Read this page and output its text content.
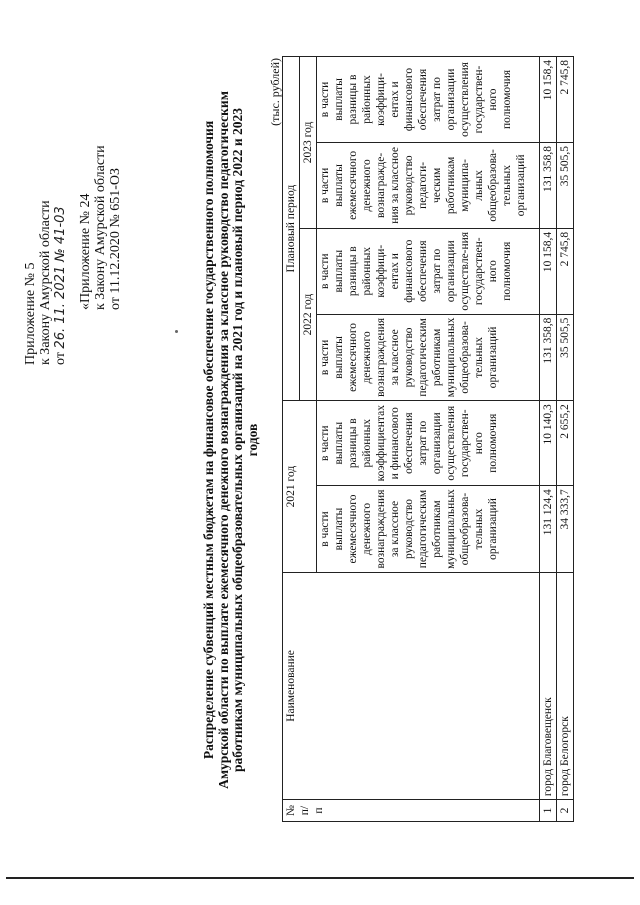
Приложение № 5 к Закону Амурской области от 26. 11. 2021 № 41-03 «Приложение № 24 к Закону Амурской области от 11.12.2020 № 651-ОЗ	Распределение субвенций местным бюджетам на финансовое обеспечение государственного полномочия Амурской области по выплате ежемесячного денежного вознаграждения за классное руководство педагогическим работникам муниципальных общеобразовательных организаций на 2021 год и плановый период 2022 и 2023 годов
(тыс. рублей)
№ п/ п	Наименование	2021 год		Плановый период			
				2022 год		2023 год	
		в части выплаты ежемесячного денежного вознаграждения за классное руководство педагогическим работникам муниципальных общеобразова-тельных организаций	в части выплаты разницы в районных коэффициентах и финансового обеспечения затрат по организации осуществления государствен-ного полномочия	в части выплаты ежемесячного денежного вознаграждения за классное руководство педагогическим работникам муниципальных общеобразова-тельных организаций	в части выплаты разницы в районных коэффици-ентах и финансового обеспечения затрат по организации осуществле-ния государствен-ного полномочия	в части выплаты ежемесячного денежного вознагражде-ния за классное руководство педагоги-ческим работникам муниципа-льных общеобразова-тельных организаций	в части выплаты разницы в районных коэффици-ентах и финансового обеспечения затрат по организации осуществления государствен-ного полномочия
1	город Благовещенск	131 124,4	10 140,3	131 358,8	10 158,4	131 358,8	10 158,4
2	город Белогорск	34 333,7	2 655,2	35 505,5	2 745,8	35 505,5	2 745,8
